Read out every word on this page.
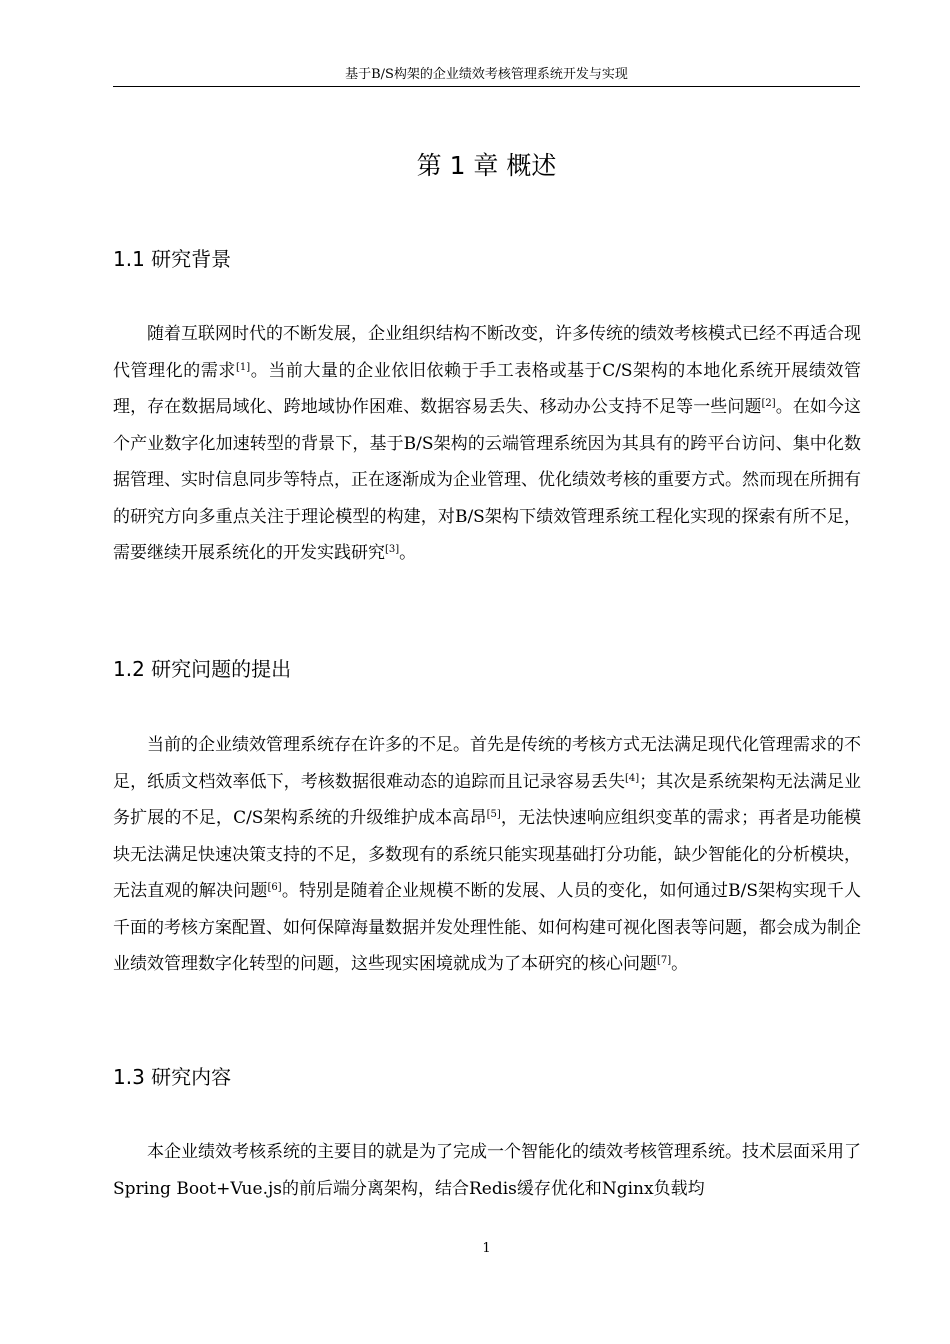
基于B/S构架的企业绩效考核管理系统开发与实现
第 1 章 概述
1.1 研究背景

随着互联网时代的不断发展，企业组织结构不断改变，许多传统的绩效考核模式已经不再适合现代管理化的需求[1]。当前大量的企业依旧依赖于手工表格或基于C/S架构的本地化系统开展绩效管理，存在数据局域化、跨地域协作困难、数据容易丢失、移动办公支持不足等一些问题[2]。在如今这个产业数字化加速转型的背景下，基于B/S架构的云端管理系统因为其具有的跨平台访问、集中化数据管理、实时信息同步等特点，正在逐渐成为企业管理、优化绩效考核的重要方式。然而现在所拥有的研究方向多重点关注于理论模型的构建，对B/S架构下绩效管理系统工程化实现的探索有所不足，需要继续开展系统化的开发实践研究[3]。

1.2 研究问题的提出

当前的企业绩效管理系统存在许多的不足。首先是传统的考核方式无法满足现代化管理需求的不足，纸质文档效率低下，考核数据很难动态的追踪而且记录容易丢失[4]；其次是系统架构无法满足业务扩展的不足，C/S架构系统的升级维护成本高昂[5]，无法快速响应组织变革的需求；再者是功能模块无法满足快速决策支持的不足，多数现有的系统只能实现基础打分功能，缺少智能化的分析模块，无法直观的解决问题[6]。特别是随着企业规模不断的发展、人员的变化，如何通过B/S架构实现千人千面的考核方案配置、如何保障海量数据并发处理性能、如何构建可视化图表等问题，都会成为制企业绩效管理数字化转型的问题，这些现实困境就成为了本研究的核心问题[7]。

1.3 研究内容

本企业绩效考核系统的主要目的就是为了完成一个智能化的绩效考核管理系统。技术层面采用了Spring Boot+Vue.js的前后端分离架构，结合Redis缓存优化和Nginx负载均

1
